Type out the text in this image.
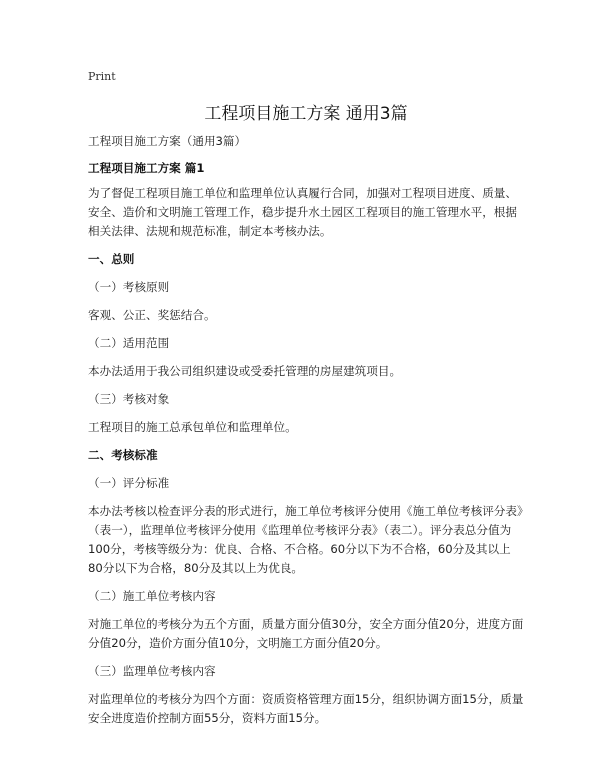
Print
工程项目施工方案 通用3篇

工程项目施工方案（通用3篇）

工程项目施工方案 篇1

为了督促工程项目施工单位和监理单位认真履行合同，加强对工程项目进度、质量、安全、造价和文明施工管理工作，稳步提升水土园区工程项目的施工管理水平，根据相关法律、法规和规范标准，制定本考核办法。

一、总则

（一）考核原则

客观、公正、奖惩结合。

（二）适用范围

本办法适用于我公司组织建设或受委托管理的房屋建筑项目。

（三）考核对象

工程项目的施工总承包单位和监理单位。

二、考核标准

（一）评分标准

本办法考核以检查评分表的形式进行，施工单位考核评分使用《施工单位考核评分表》（表一），监理单位考核评分使用《监理单位考核评分表》（表二）。评分表总分值为100分，考核等级分为：优良、合格、不合格。60分以下为不合格，60分及其以上80分以下为合格，80分及其以上为优良。

（二）施工单位考核内容

对施工单位的考核分为五个方面，质量方面分值30分，安全方面分值20分，进度方面分值20分，造价方面分值10分，文明施工方面分值20分。

（三）监理单位考核内容

对监理单位的考核分为四个方面：资质资格管理方面15分，组织协调方面15分，质量安全进度造价控制方面55分，资料方面15分。
